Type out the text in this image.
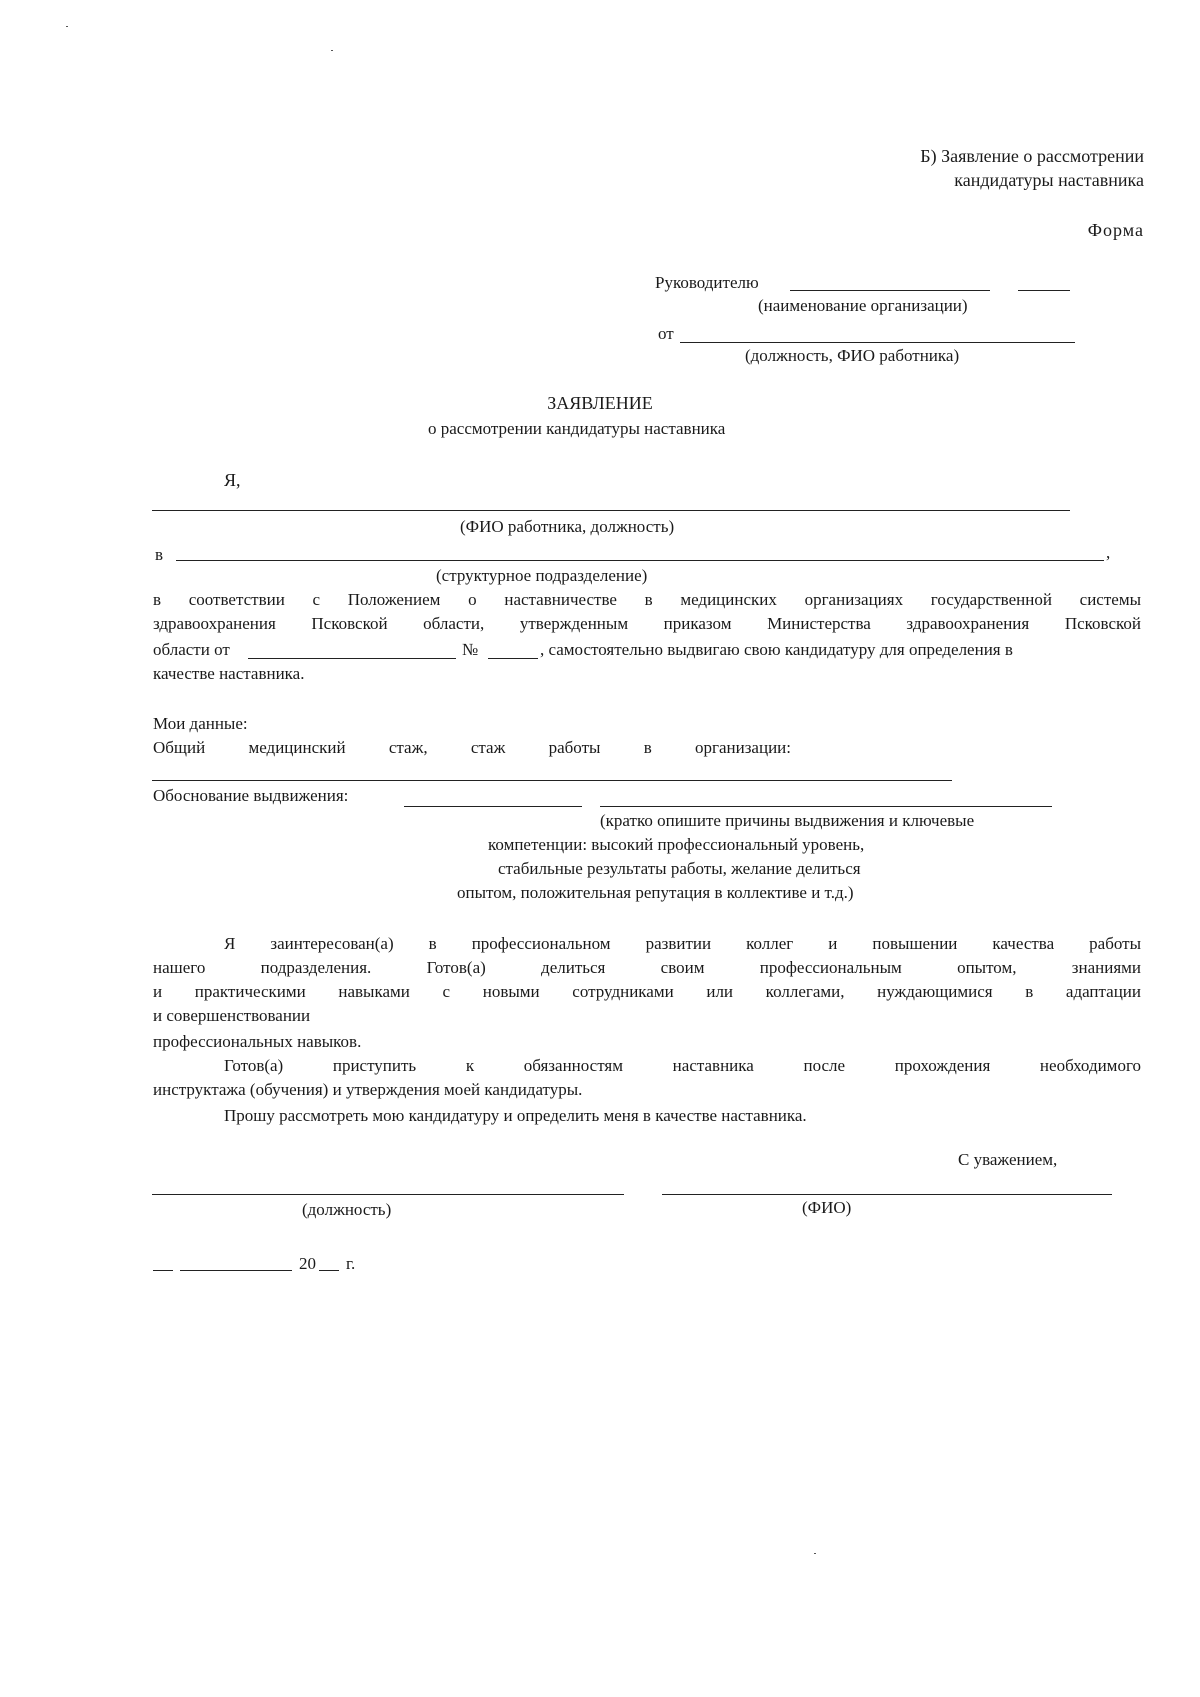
Б) Заявление о рассмотрении
кандидатуры наставника
Форма
Руководителю
(наименование организации)
от
(должность, ФИО работника)
ЗАЯВЛЕНИЕ
о рассмотрении кандидатуры наставника
Я,
(ФИО работника, должность)
в	,
(структурное подразделение)
в соответствии с Положением о наставничестве в медицинских организациях государственной системы
здравоохранения Псковской области, утвержденным приказом Министерства здравоохранения Псковской
области от	№	, самостоятельно выдвигаю свою кандидатуру для определения в
качестве наставника.
Мои данные:
Общий медицинский стаж, стаж работы в организации:
Обоснование выдвижения:
(кратко опишите причины выдвижения и ключевые
компетенции: высокий профессиональный уровень,
стабильные результаты работы, желание делиться
опытом, положительная репутация в коллективе и т.д.)
Я заинтересован(а) в профессиональном развитии коллег и повышении качества работы
нашего подразделения. Готов(а) делиться своим профессиональным опытом, знаниями
и практическими навыками с новыми сотрудниками или коллегами, нуждающимися в адаптации
и совершенствовании
профессиональных навыков.
Готов(а) приступить к обязанностям наставника после прохождения необходимого
инструктажа (обучения) и утверждения моей кандидатуры.
Прошу рассмотреть мою кандидатуру и определить меня в качестве наставника.
С уважением,
(должность)	(ФИО)
20 г.
